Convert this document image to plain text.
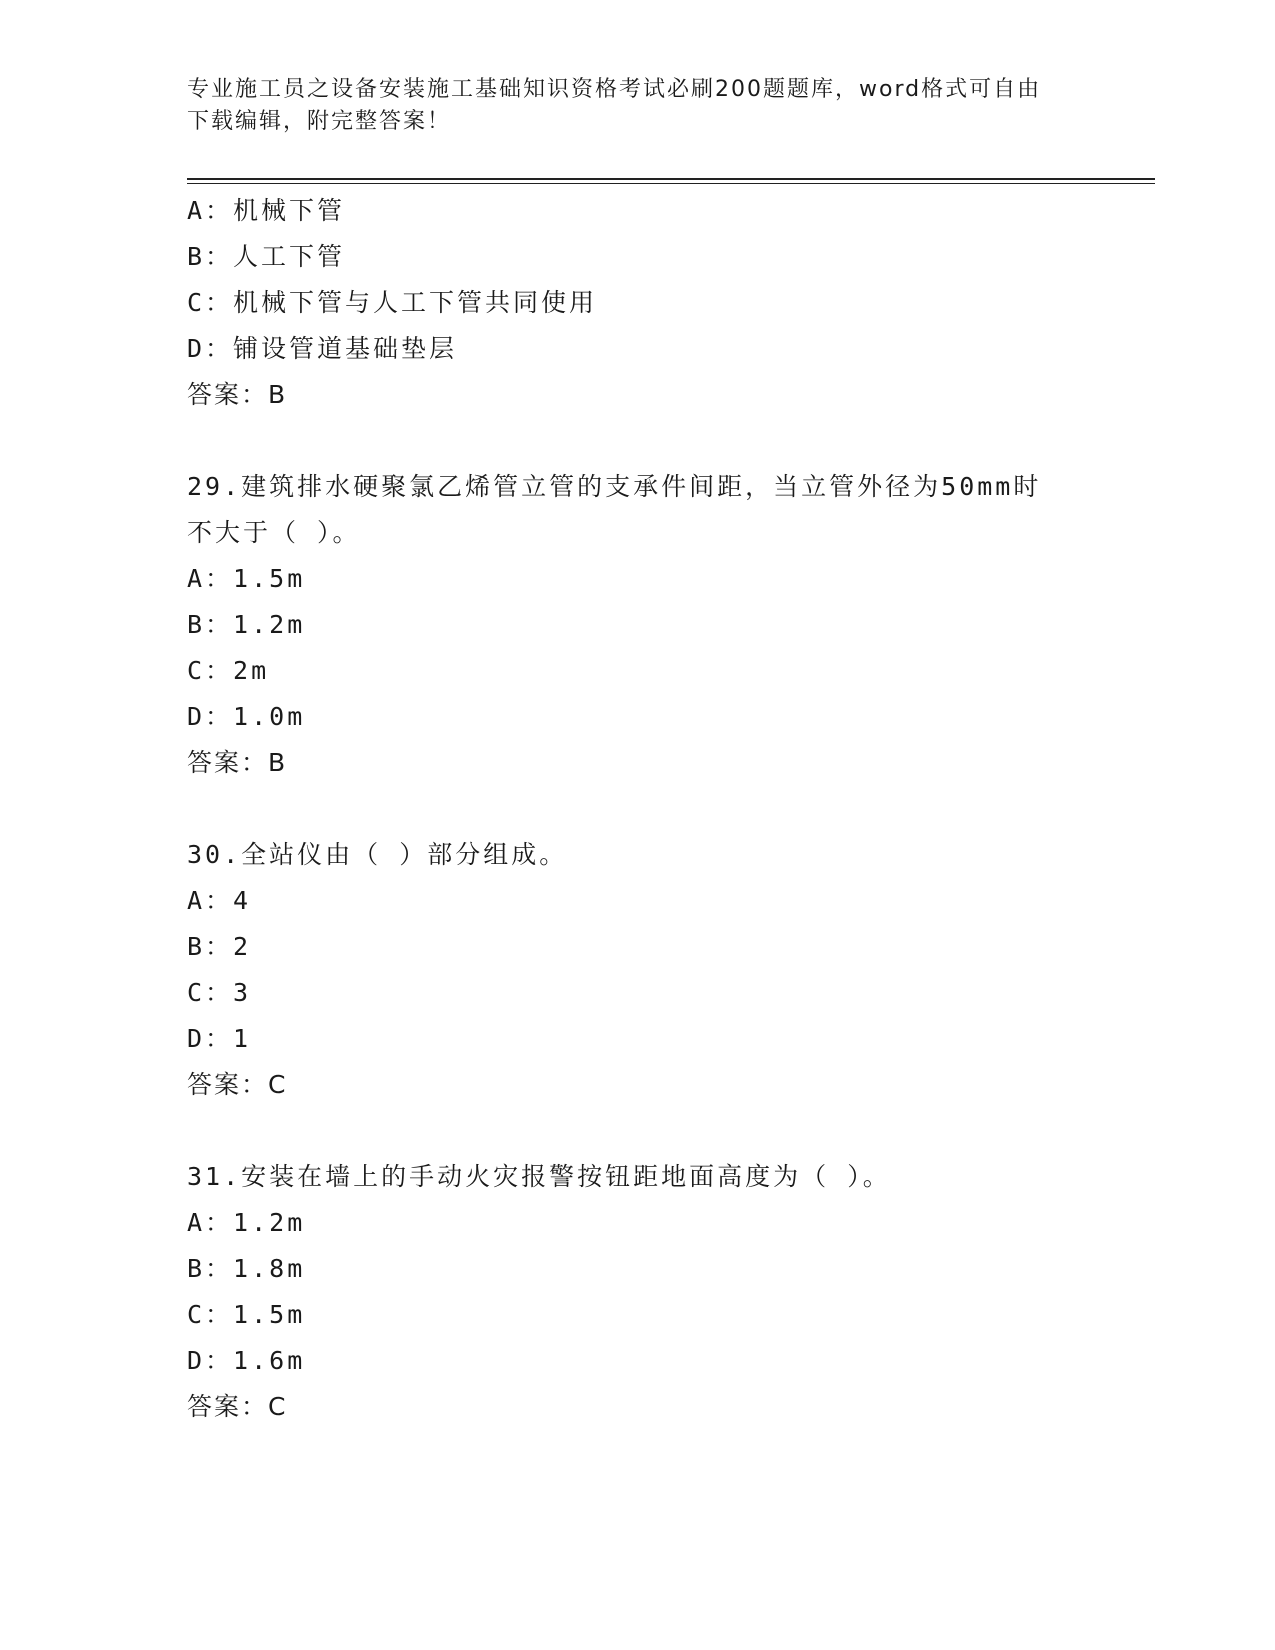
专业施工员之设备安装施工基础知识资格考试必刷200题题库，word格式可自由
下载编辑，附完整答案！
A：机械下管
B：人工下管
C：机械下管与人工下管共同使用
D：铺设管道基础垫层
答案：B
29.建筑排水硬聚氯乙烯管立管的支承件间距，当立管外径为50mm时
不大于（ ）。
A：1.5m
B：1.2m
C：2m
D：1.0m
答案：B
30.全站仪由（ ）部分组成。
A：4
B：2
C：3
D：1
答案：C
31.安装在墙上的手动火灾报警按钮距地面高度为（ ）。
A：1.2m
B：1.8m
C：1.5m
D：1.6m
答案：C
